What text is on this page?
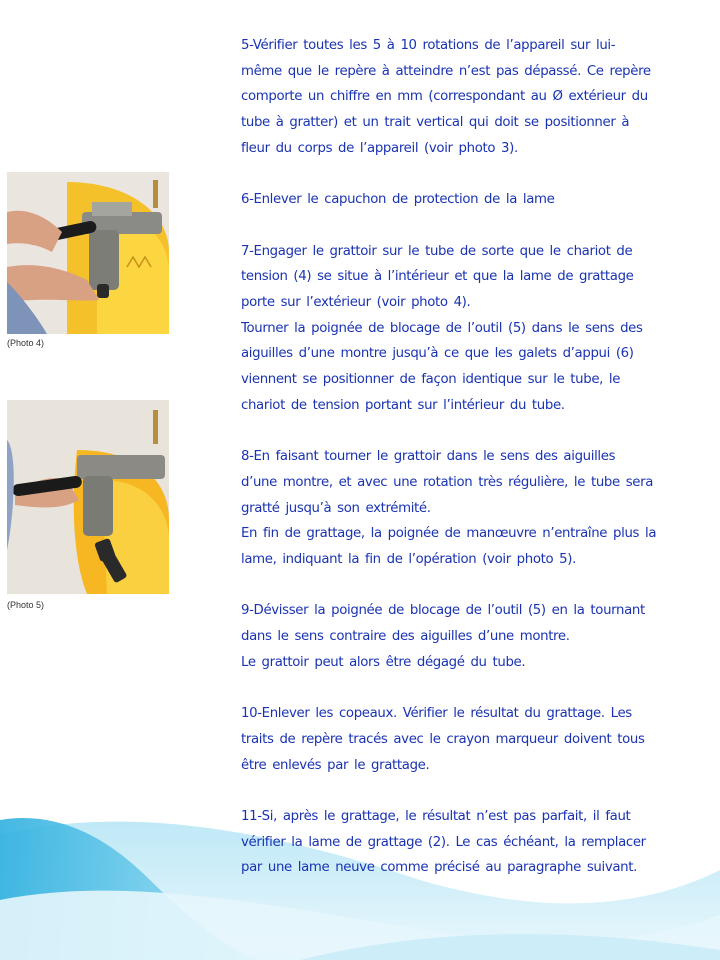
(Photo 4)
(Photo 5)
5-Vérifier toutes les 5 à 10 rotations de l’appareil sur lui-
même que le repère à atteindre n’est pas dépassé. Ce repère
comporte un chiffre en mm (correspondant au Ø extérieur du
tube à gratter) et un trait vertical qui doit se positionner à
fleur du corps de l’appareil (voir photo 3).
6-Enlever le capuchon de protection de la lame
7-Engager le grattoir sur le tube de sorte que le chariot de
tension (4) se situe à l’intérieur et que la lame de grattage
porte sur l’extérieur (voir photo 4).
Tourner la poignée de blocage de l’outil (5) dans le sens des
aiguilles d’une montre jusqu’à ce que les galets d’appui (6)
viennent se positionner de façon identique sur le tube, le
chariot de tension portant sur l’intérieur du tube.
8-En faisant tourner le grattoir dans le sens des aiguilles
d’une montre, et avec une rotation très régulière, le tube sera
gratté jusqu’à son extrémité.
En fin de grattage, la poignée de manœuvre n’entraîne plus la
lame, indiquant la fin de l’opération (voir photo 5).
9-Dévisser la poignée de blocage de l’outil (5) en la tournant
dans le sens contraire des aiguilles d’une montre.
Le grattoir peut alors être dégagé du tube.
10-Enlever les copeaux. Vérifier le résultat du grattage. Les
traits de repère tracés avec le crayon marqueur doivent tous
être enlevés par le grattage.
11-Si, après le grattage, le résultat n’est pas parfait, il faut
vérifier la lame de grattage (2). Le cas échéant, la remplacer
par une lame neuve comme précisé au paragraphe suivant.
